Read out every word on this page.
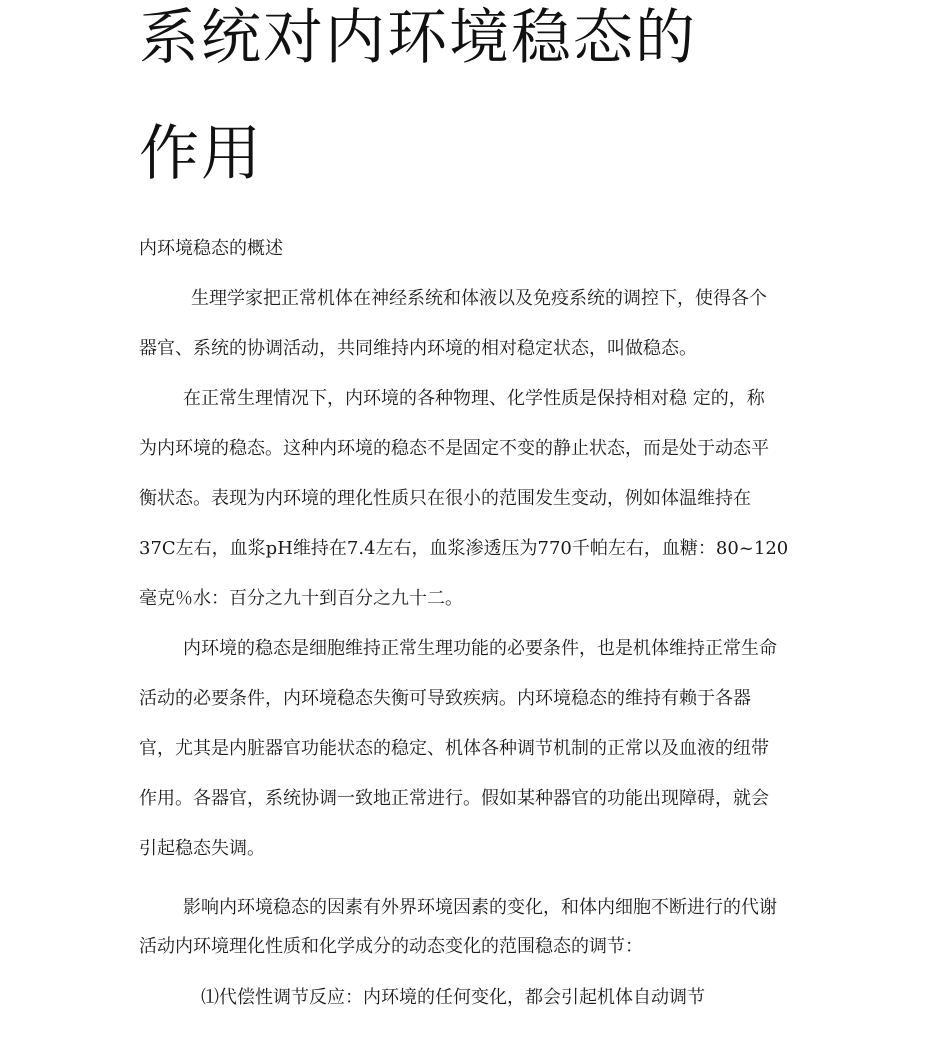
系统对内环境稳态的
作用
内环境稳态的概述
生理学家把正常机体在神经系统和体液以及免疫系统的调控下，使得各个
器官、系统的协调活动，共同维持内环境的相对稳定状态，叫做稳态。
在正常生理情况下，内环境的各种物理、化学性质是保持相对稳 定的，称
为内环境的稳态。这种内环境的稳态不是固定不变的静止状态，而是处于动态平
衡状态。表现为内环境的理化性质只在很小的范围发生变动，例如体温维持在
37C左右，血浆pH维持在7.4左右，血浆渗透压为770千帕左右，血糖：80~120
毫克％水：百分之九十到百分之九十二。
内环境的稳态是细胞维持正常生理功能的必要条件，也是机体维持正常生命
活动的必要条件，内环境稳态失衡可导致疾病。内环境稳态的维持有赖于各器
官，尤其是内脏器官功能状态的稳定、机体各种调节机制的正常以及血液的纽带
作用。各器官，系统协调一致地正常进行。假如某种器官的功能出现障碍，就会
引起稳态失调。
影响内环境稳态的因素有外界环境因素的变化，和体内细胞不断进行的代谢
活动内环境理化性质和化学成分的动态变化的范围稳态的调节：
⑴代偿性调节反应：内环境的任何变化，都会引起机体自动调节
